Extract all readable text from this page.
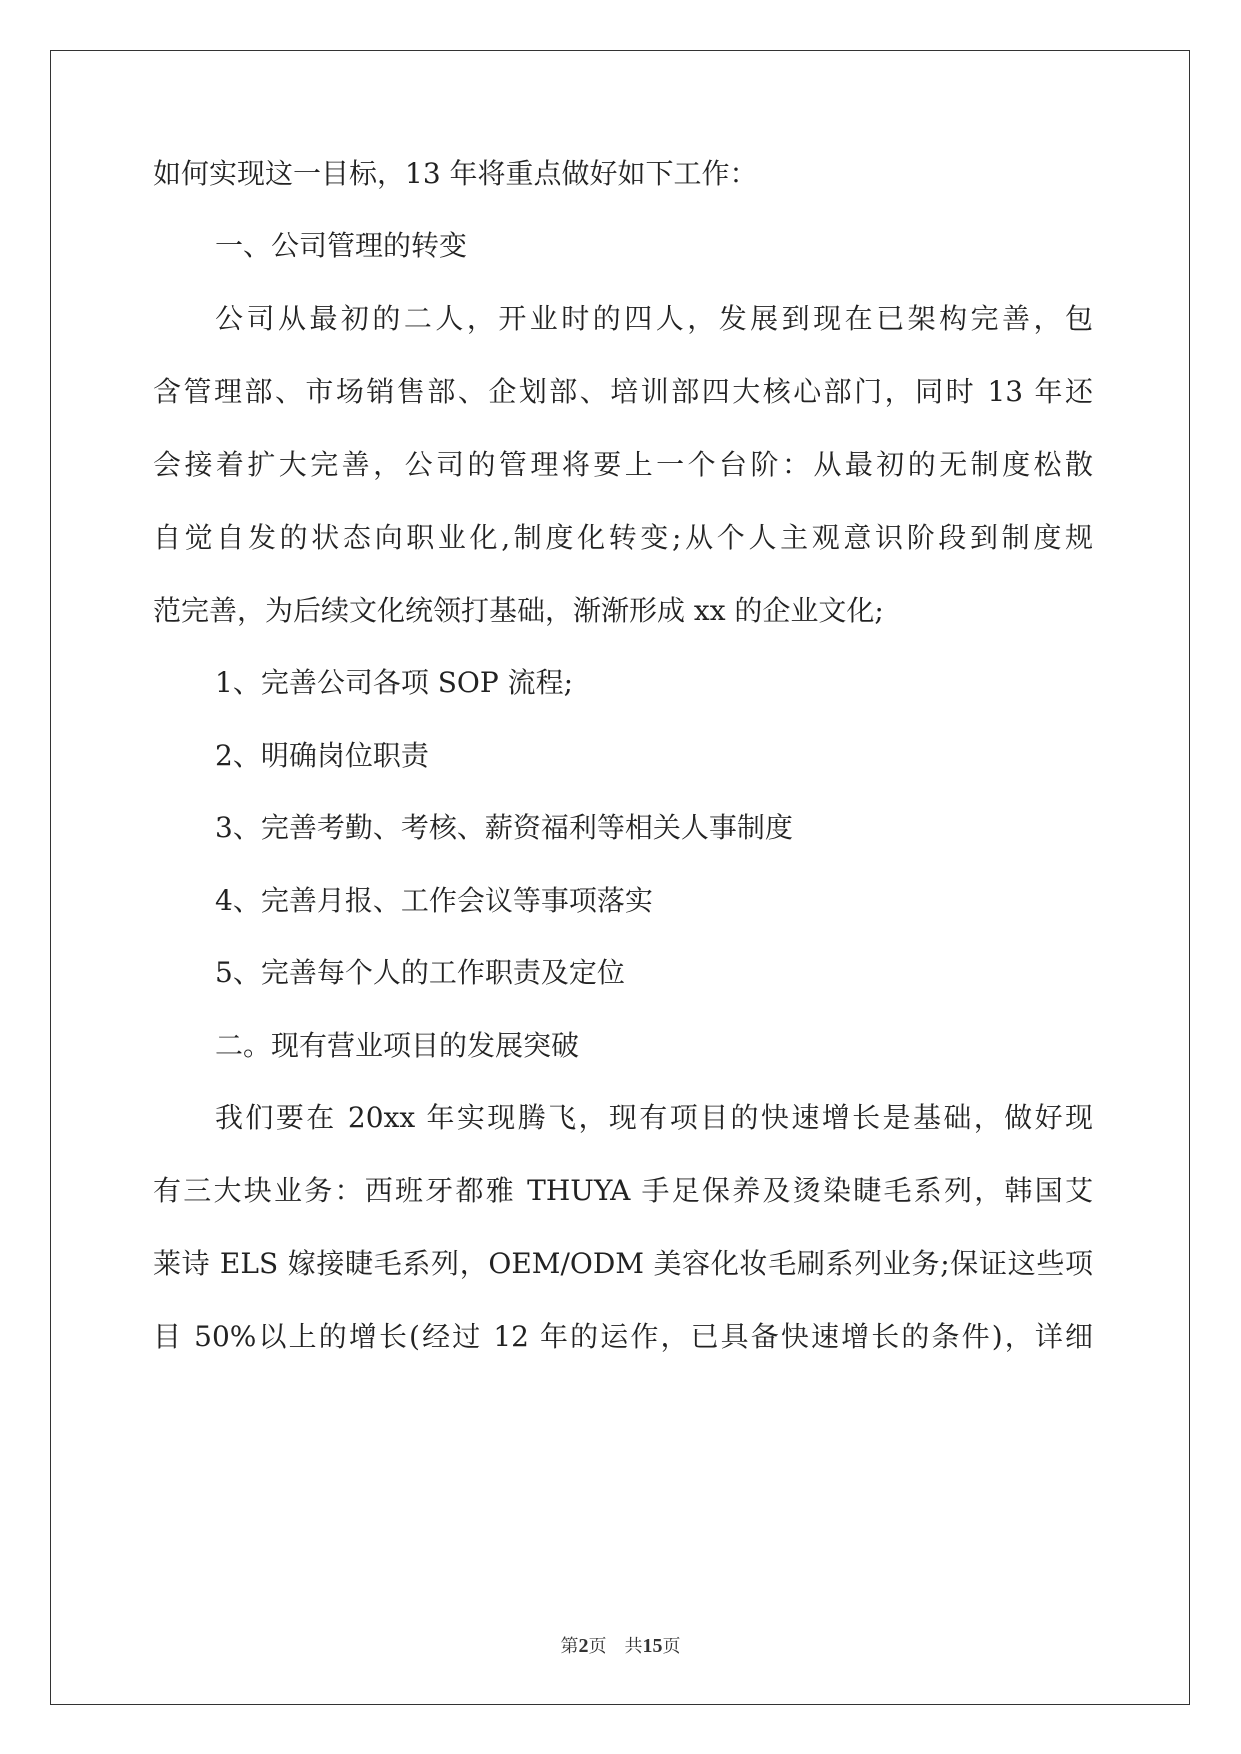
如何实现这一目标，13 年将重点做好如下工作：
一、公司管理的转变
公司从最初的二人，开业时的四人，发展到现在已架构完善，包
含管理部、市场销售部、企划部、培训部四大核心部门，同时 13 年还
会接着扩大完善，公司的管理将要上一个台阶：从最初的无制度松散
自觉自发的状态向职业化,制度化转变;从个人主观意识阶段到制度规
范完善，为后续文化统领打基础，渐渐形成 xx 的企业文化;
1、完善公司各项 SOP 流程;
2、明确岗位职责
3、完善考勤、考核、薪资福利等相关人事制度
4、完善月报、工作会议等事项落实
5、完善每个人的工作职责及定位
二。现有营业项目的发展突破
我们要在 20xx 年实现腾飞，现有项目的快速增长是基础，做好现
有三大块业务：西班牙都雅 THUYA 手足保养及烫染睫毛系列，韩国艾
莱诗 ELS 嫁接睫毛系列，OEM/ODM 美容化妆毛刷系列业务;保证这些项
目 50%以上的增长(经过 12 年的运作，已具备快速增长的条件)，详细
第2页　共15页
